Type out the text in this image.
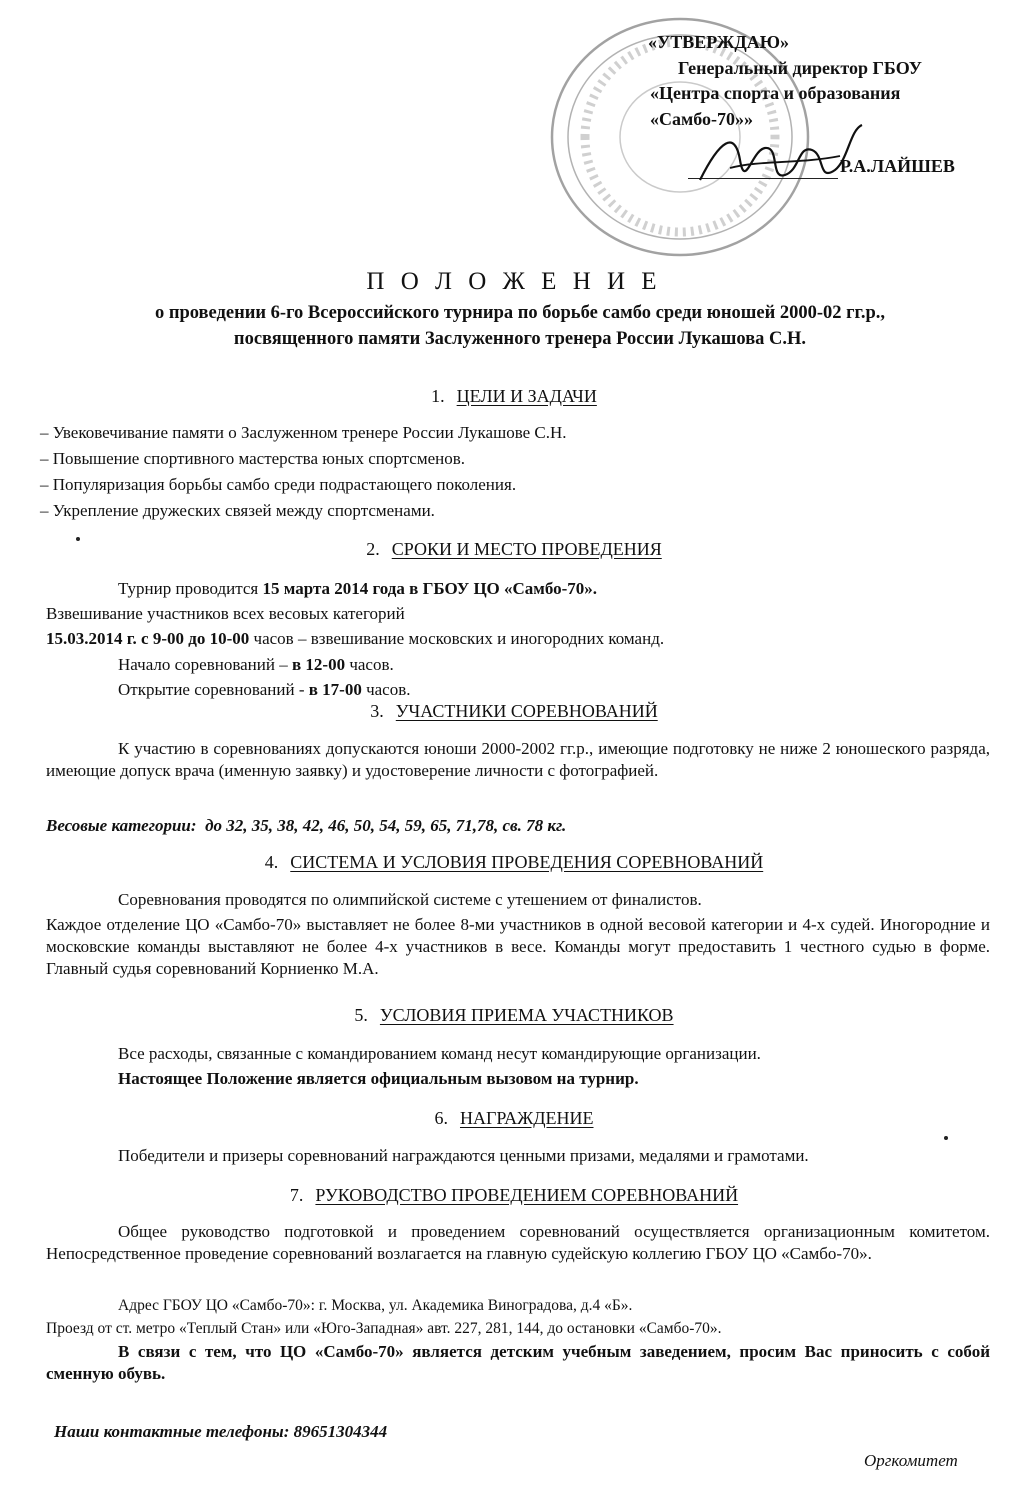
«УТВЕРЖДАЮ»
Генеральный директор ГБОУ
«Центра спорта и образования
«Самбо-70»»
Р.А.ЛАЙШЕВ
П О Л О Ж Е Н И Е
о проведении 6-го Всероссийского турнира по борьбе самбо среди юношей 2000-02 гг.р.,
посвященного памяти Заслуженного тренера России Лукашова С.Н.
1. ЦЕЛИ И ЗАДАЧИ
– Увековечивание памяти о Заслуженном тренере России Лукашове С.Н.
– Повышение спортивного мастерства юных спортсменов.
– Популяризация борьбы самбо среди подрастающего поколения.
– Укрепление дружеских связей между спортсменами.
2. СРОКИ И МЕСТО ПРОВЕДЕНИЯ
Турнир проводится 15 марта 2014 года в ГБОУ ЦО «Самбо-70».
Взвешивание участников всех весовых категорий
15.03.2014 г. с 9-00 до 10-00 часов – взвешивание московских и иногородних команд.
Начало соревнований – в 12-00 часов.
Открытие соревнований - в 17-00 часов.
3. УЧАСТНИКИ СОРЕВНОВАНИЙ
К участию в соревнованиях допускаются юноши 2000-2002 гг.р., имеющие подготовку не ниже 2 юношеского разряда, имеющие допуск врача (именную заявку) и удостоверение личности с фотографией.
Весовые категории: до 32, 35, 38, 42, 46, 50, 54, 59, 65, 71,78, св. 78 кг.
4. СИСТЕМА И УСЛОВИЯ ПРОВЕДЕНИЯ СОРЕВНОВАНИЙ
Соревнования проводятся по олимпийской системе с утешением от финалистов.
Каждое отделение ЦО «Самбо-70» выставляет не более 8-ми участников в одной весовой категории и 4-х судей. Иногородние и московские команды выставляют не более 4-х участников в весе. Команды могут предоставить 1 честного судью в форме. Главный судья соревнований Корниенко М.А.
5. УСЛОВИЯ ПРИЕМА УЧАСТНИКОВ
Все расходы, связанные с командированием команд несут командирующие организации.
Настоящее Положение является официальным вызовом на турнир.
6. НАГРАЖДЕНИЕ
Победители и призеры соревнований награждаются ценными призами, медалями и грамотами.
7. РУКОВОДСТВО ПРОВЕДЕНИЕМ СОРЕВНОВАНИЙ
Общее руководство подготовкой и проведением соревнований осуществляется организационным комитетом. Непосредственное проведение соревнований возлагается на главную судейскую коллегию ГБОУ ЦО «Самбо-70».
Адрес ГБОУ ЦО «Самбо-70»: г. Москва, ул. Академика Виноградова, д.4 «Б».
Проезд от ст. метро «Теплый Стан» или «Юго-Западная» авт. 227, 281, 144, до остановки «Самбо-70».
В связи с тем, что ЦО «Самбо-70» является детским учебным заведением, просим Вас приносить с собой сменную обувь.
Наши контактные телефоны: 89651304344
Оргкомитет
